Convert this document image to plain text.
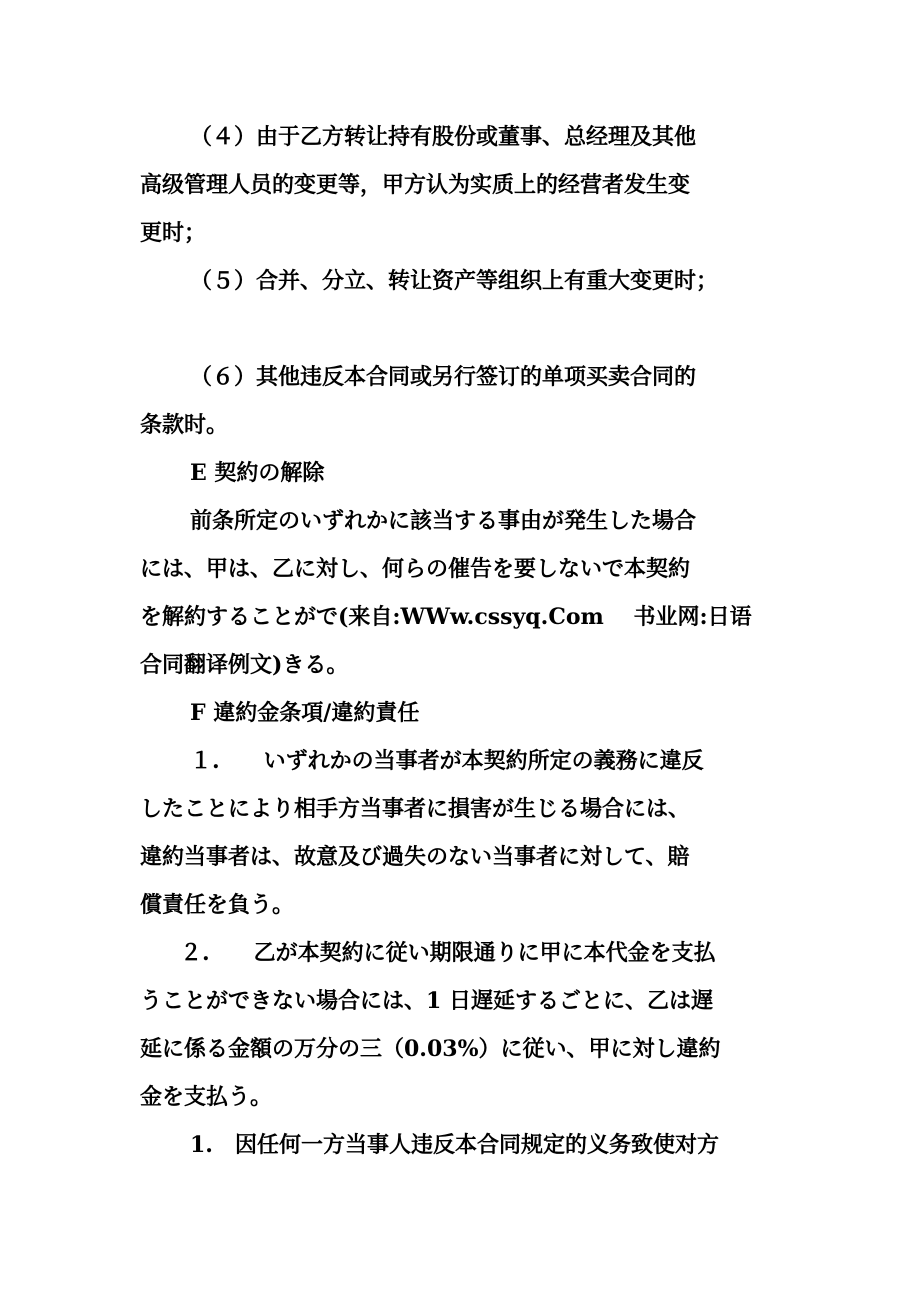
（４）由于乙方转让持有股份或董事、总经理及其他
高级管理人员的变更等，甲方认为实质上的经营者发生变
更时；
（５）合并、分立、转让资产等组织上有重大变更时；
（６）其他违反本合同或另行签订的单项买卖合同的
条款时。
E 契約の解除
前条所定のいずれかに該当する事由が発生した場合
には、甲は、乙に対し、何らの催告を要しないで本契約
を解約することがで(来自:WWw.cssyq.Com　 书业网:日语
合同翻译例文)きる。
F 違約金条項/違約責任
１.　　いずれかの当事者が本契約所定の義務に違反
したことにより相手方当事者に損害が生じる場合には、
違約当事者は、故意及び過失のない当事者に対して、賠
償責任を負う。
２.　　乙が本契約に従い期限通りに甲に本代金を支払
うことができない場合には、1 日遅延するごとに、乙は遅
延に係る金額の万分の三（0.03%）に従い、甲に対し違約
金を支払う。
1.　因任何一方当事人违反本合同规定的义务致使对方
